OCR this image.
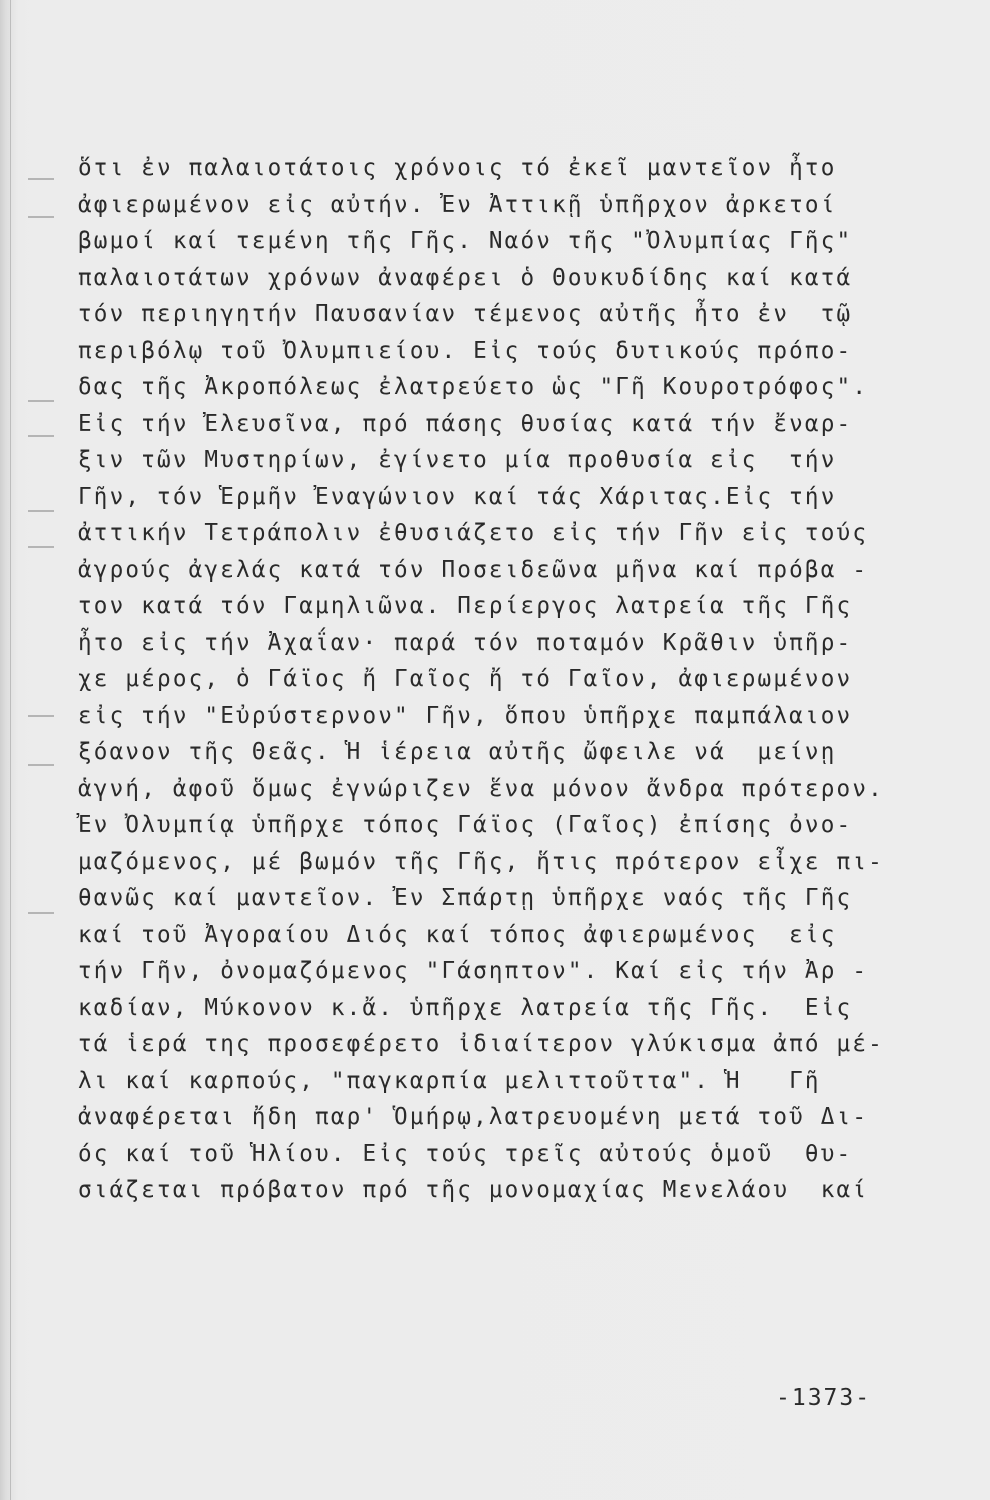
ὅτι ἐν παλαιοτάτοις χρόνοις τό ἐκεῖ μαντεῖον ἦτο
ἀφιερωμένον εἰς αὐτήν. Ἐν Ἀττικῇ ὑπῆρχον ἀρκετοί
βωμοί καί τεμένη τῆς Γῆς. Ναόν τῆς "Ὀλυμπίας Γῆς"
παλαιοτάτων χρόνων ἀναφέρει ὁ Θουκυδίδης καί κατά
τόν περιηγητήν Παυσανίαν τέμενος αὐτῆς ἦτο ἐν  τῷ
περιβόλῳ τοῦ Ὀλυμπιείου. Εἰς τούς δυτικούς πρόπο-
δας τῆς Ἀκροπόλεως ἐλατρεύετο ὡς "Γῆ Κουροτρόφος".
Εἰς τήν Ἐλευσῖνα, πρό πάσης θυσίας κατά τήν ἔναρ-
ξιν τῶν Μυστηρίων, ἐγίνετο μία προθυσία εἰς  τήν
Γῆν, τόν Ἑρμῆν Ἐναγώνιον καί τάς Χάριτας.Εἰς τήν
ἀττικήν Τετράπολιν ἐθυσιάζετο εἰς τήν Γῆν εἰς τούς
ἀγρούς ἀγελάς κατά τόν Ποσειδεῶνα μῆνα καί πρόβα -
τον κατά τόν Γαμηλιῶνα. Περίεργος λατρεία τῆς Γῆς
ἦτο εἰς τήν Ἀχαΐαν· παρά τόν ποταμόν Κρᾶθιν ὑπῆρ-
χε μέρος, ὁ Γάϊος ἤ Γαῖος ἤ τό Γαῖον, ἀφιερωμένον
εἰς τήν "Εὐρύστερνον" Γῆν, ὅπου ὑπῆρχε παμπάλαιον
ξόανον τῆς Θεᾶς. Ἡ ἱέρεια αὐτῆς ὤφειλε νά  μείνῃ
ἁγνή, ἀφοῦ ὅμως ἐγνώριζεν ἕνα μόνον ἄνδρα πρότερον.
Ἐν Ὀλυμπίᾳ ὑπῆρχε τόπος Γάϊος (Γαῖος) ἐπίσης ὀνο-
μαζόμενος, μέ βωμόν τῆς Γῆς, ἥτις πρότερον εἶχε πι-
θανῶς καί μαντεῖον. Ἐν Σπάρτῃ ὑπῆρχε ναός τῆς Γῆς
καί τοῦ Ἀγοραίου Διός καί τόπος ἀφιερωμένος  εἰς
τήν Γῆν, ὀνομαζόμενος "Γάσηπτον". Καί εἰς τήν Ἀρ -
καδίαν, Μύκονον κ.ἄ. ὑπῆρχε λατρεία τῆς Γῆς.  Εἰς
τά ἱερά της προσεφέρετο ἰδιαίτερον γλύκισμα ἀπό μέ-
λι καί καρπούς, "παγκαρπία μελιττοῦττα". Ἡ   Γῆ
ἀναφέρεται ἤδη παρ' Ὁμήρῳ,λατρευομένη μετά τοῦ Δι-
ός καί τοῦ Ἡλίου. Εἰς τούς τρεῖς αὐτούς ὁμοῦ  θυ-
σιάζεται πρόβατον πρό τῆς μονομαχίας Μενελάου  καί
-1373-
